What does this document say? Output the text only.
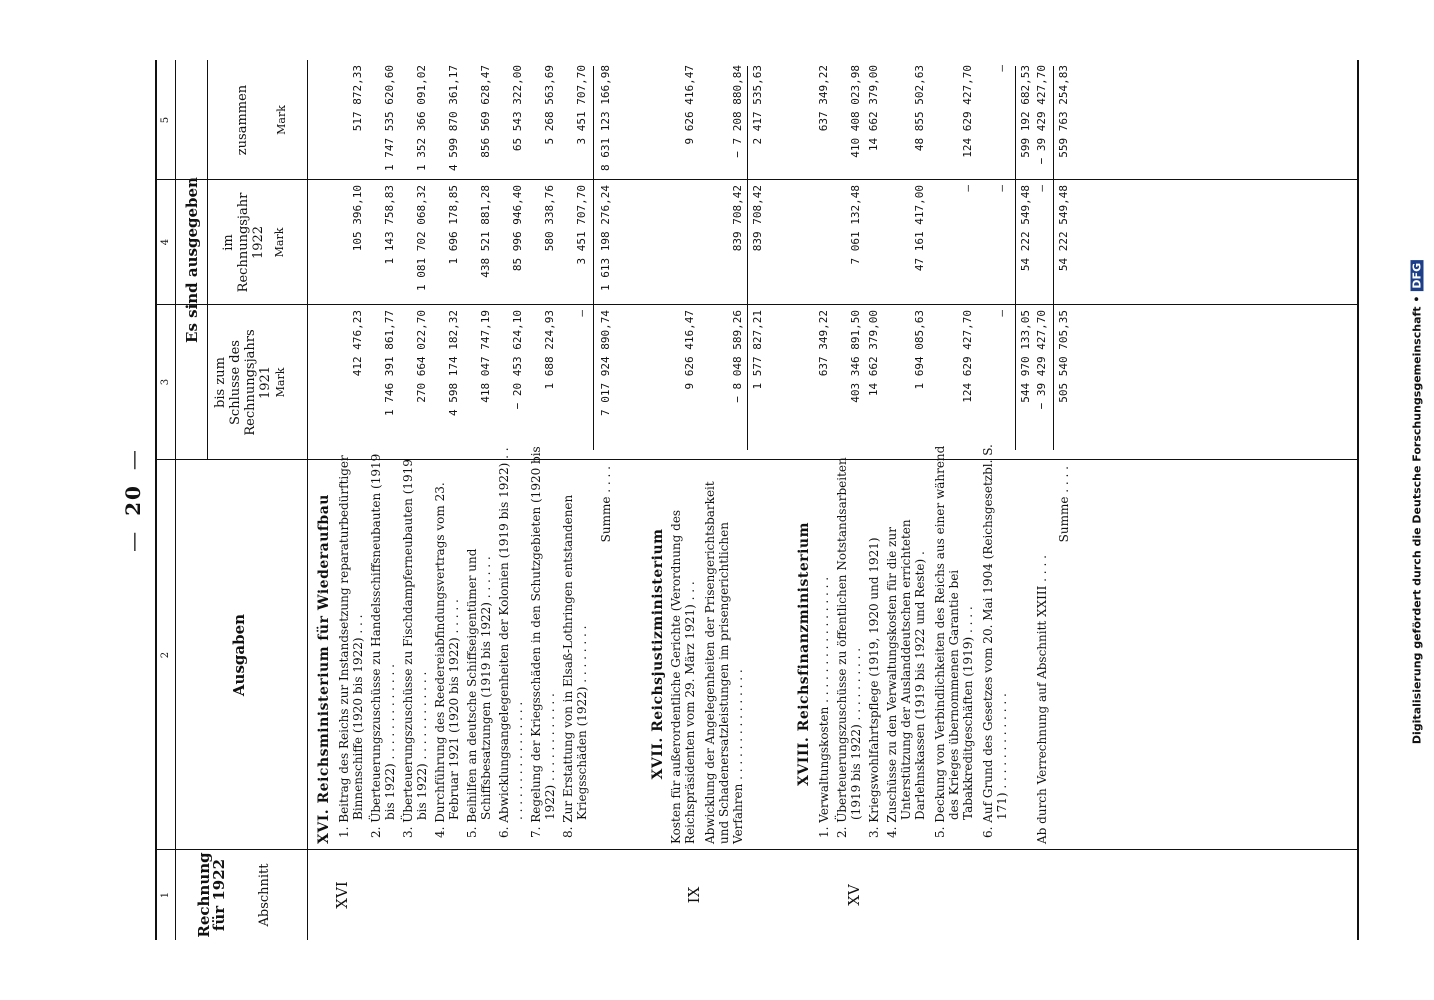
—20—
1
2
3
4
5
Rechnung
für 1922 Abschnitt
Ausgaben
Es sind ausgegeben
bis zum Schlusse des Rechnungsjahrs 1921 Mark
im Rechnungsjahr 1922 Mark
zusammen Mark
XVI
XVI. Reichsministerium für Wiederaufbau 1. Beitrag des Reichs zur Instandsetzung reparaturbedürftiger Binnenschiffe (1920 bis 1922) . . .
412 476,23
105 396,10
517 872,33
2. Überteuerungszuschüsse zu Handelsschiffsneubauten (1919 bis 1922) . . . . . . . . . . . . .
1 746 391 861,77
1 143 758,83
1 747 535 620,60
3. Überteuerungszuschüsse zu Fischdampferneubauten (1919 bis 1922) . . . . . . . . . . . .
270 664 022,70
1 081 702 068,32
1 352 366 091,02
4. Durchführung des Reedereiabfindungsvertrags vom 23. Februar 1921 (1920 bis 1922) . . . . .
4 598 174 182,32
1 696 178,85
4 599 870 361,17
5. Beihilfen an deutsche Schiffseigentümer und Schiffsbesatzungen (1919 bis 1922) . . . . . .
418 047 747,19
438 521 881,28
856 569 628,47
6. Abwicklungsangelegenheiten der Kolonien (1919 bis 1922) . . . . . . . . . . . . . . . . . .
− 20 453 624,10
85 996 946,40
65 543 322,00
7. Regelung der Kriegsschäden in den Schutzgebieten (1920 bis 1922) . . . . . . . . . . . .
1 688 224,93
580 338,76
5 268 563,69
8. Zur Erstattung von in Elsaß-Lothringen entstandenen Kriegsschäden (1922) . . . . . . . .
—
3 451 707,70
3 451 707,70
Summe . . . .
7 017 924 890,74
1 613 198 276,24
8 631 123 166,98
IX
XVII. Reichsjustizministerium Kosten für außerordentliche Gerichte (Verordnung des Reichspräsidenten vom 29. März 1921) . . .
9 626 416,47
9 626 416,47
Abwicklung der Angelegenheiten der Prisengerichtsbarkeit und Schadenersatzleistungen im prisengerichtlichen Verfahren . . . . . . . . . . . . . . .
− 8 048 589,26
839 708,42
− 7 208 880,84
1 577 827,21
839 708,42
2 417 535,63
XV
XVIII. Reichsfinanzministerium 1. Verwaltungskosten . . . . . . . . . . . . . . . . .
637 349,22
637 349,22
2. Überteuerungszuschüsse zu öffentlichen Notstandsarbeiten (1919 bis 1922) . . . . . . . . . .
403 346 891,50
7 061 132,48
410 408 023,98
3. Kriegswohlfahrtspflege (1919, 1920 und 1921)
14 662 379,00
14 662 379,00
4. Zuschüsse zu den Verwaltungskosten für die zur Unterstützung der Auslanddeutschen errichteten Darlehnskassen (1919 bis 1922 und Reste) .
1 694 085,63
47 161 417,00
48 855 502,63
5. Deckung von Verbindlichkeiten des Reichs aus einer während des Krieges übernommenen Garantie bei Tabakkreditgeschäften (1919) . . . .
124 629 427,70
—
124 629 427,70
6. Auf Grund des Gesetzes vom 20. Mai 1904 (Reichsgesetzbl. S. 171) . . . . . . . . . . . . .
—
—
—
544 970 133,05
54 222 549,48
599 192 682,53
Ab durch Verrechnung auf Abschnitt XXIII . . . .
− 39 429 427,70
—
− 39 429 427,70
Summe . . . .
505 540 705,35
54 222 549,48
559 763 254,83
Digitalisierung gefördert durch die Deutsche Forschungsgemeinschaft •DFG
